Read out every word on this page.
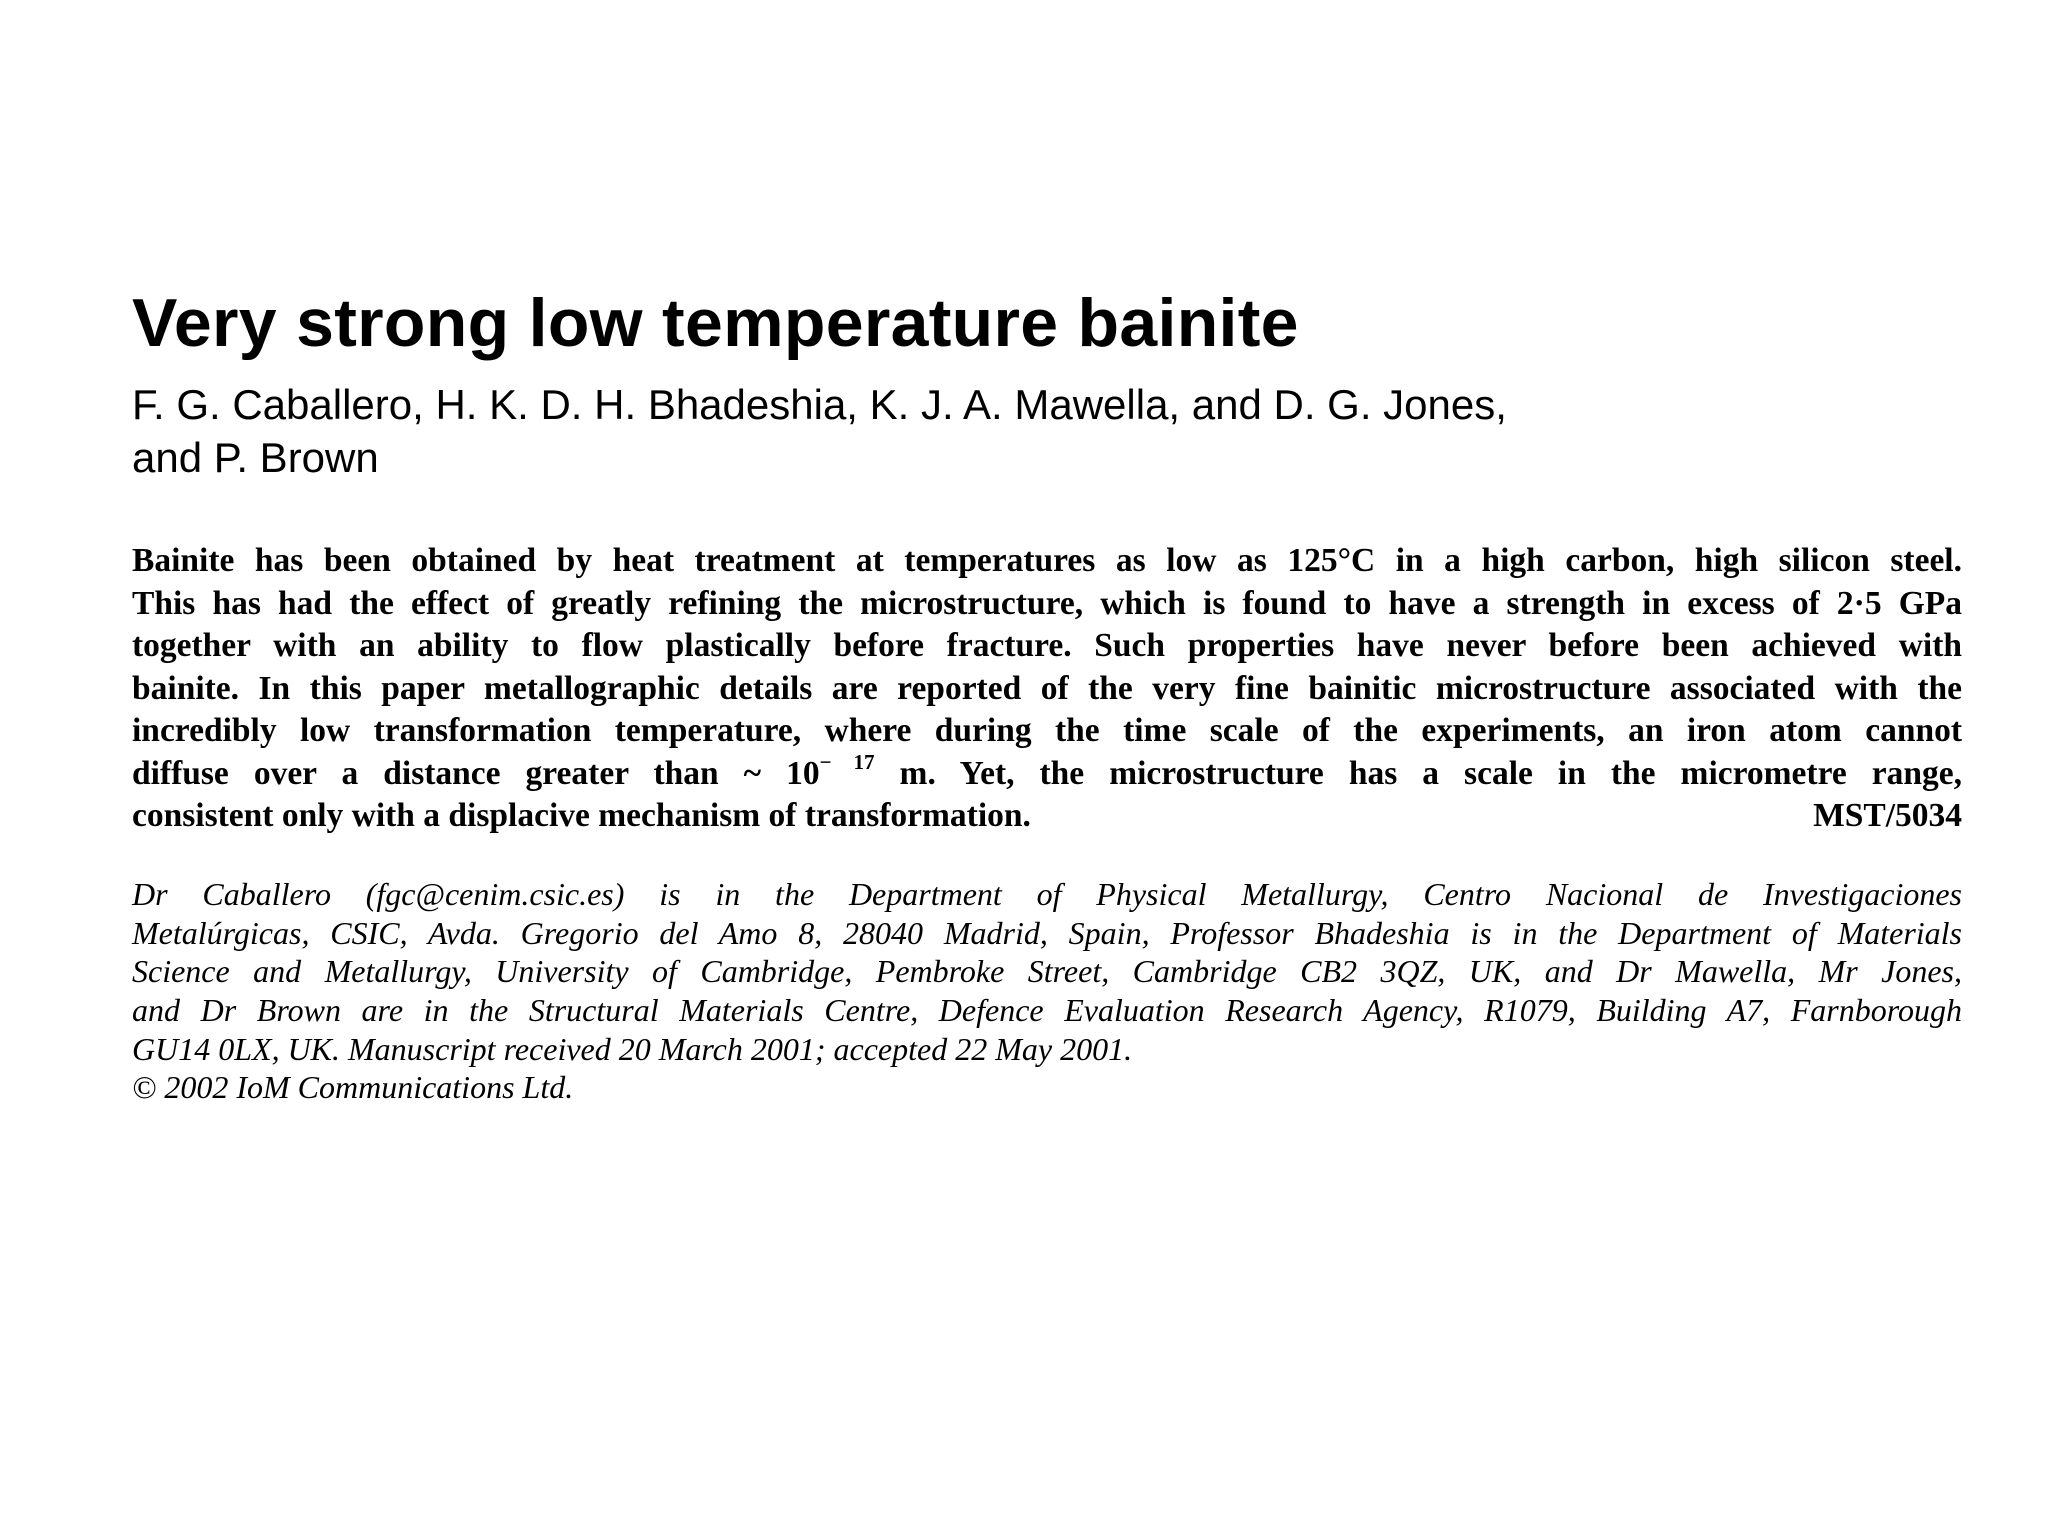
Very strong low temperature bainite
F. G. Caballero, H. K. D. H. Bhadeshia, K. J. A. Mawella, and D. G. Jones,
and P. Brown
Bainite has been obtained by heat treatment at temperatures as low as 125°C in a high carbon, high silicon steel.
This has had the effect of greatly refining the microstructure, which is found to have a strength in excess of 2·5 GPa
together with an ability to flow plastically before fracture. Such properties have never before been achieved with
bainite. In this paper metallographic details are reported of the very fine bainitic microstructure associated with the
incredibly low transformation temperature, where during the time scale of the experiments, an iron atom cannot
diffuse over a distance greater than ~ $10^{- 17}$ m. Yet, the microstructure has a scale in the micrometre range,
consistent only with a displacive mechanism of transformation.	MST/5034
Dr Caballero (fgc@cenim.csic.es) is in the Department of Physical Metallurgy, Centro Nacional de Investigaciones
Metalúrgicas, CSIC, Avda. Gregorio del Amo 8, 28040 Madrid, Spain, Professor Bhadeshia is in the Department of Materials
Science and Metallurgy, University of Cambridge, Pembroke Street, Cambridge CB2 3QZ, UK, and Dr Mawella, Mr Jones,
and Dr Brown are in the Structural Materials Centre, Defence Evaluation Research Agency, R1079, Building A7, Farnborough
GU14 0LX, UK. Manuscript received 20 March 2001; accepted 22 May 2001.
© 2002 IoM Communications Ltd.
